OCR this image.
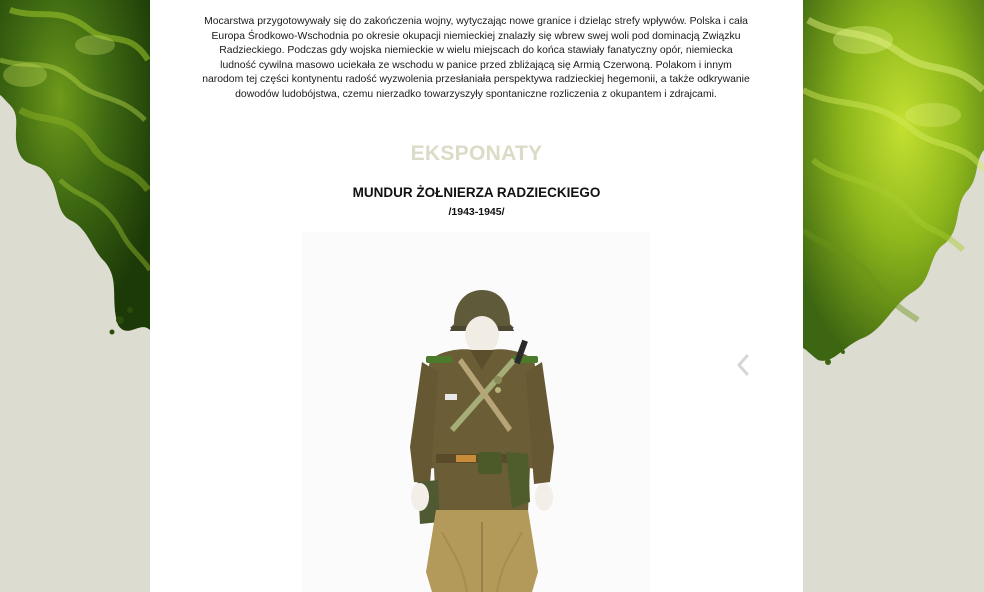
Mocarstwa przygotowywały się do zakończenia wojny, wytyczając nowe granice i dzieląc strefy wpływów. Polska i cała Europa Środkowo-Wschodnia po okresie okupacji niemieckiej znalazły się wbrew swej woli pod dominacją Związku Radzieckiego. Podczas gdy wojska niemieckie w wielu miejscach do końca stawiały fanatyczny opór, niemiecka ludność cywilna masowo uciekała ze wschodu w panice przed zbliżającą się Armią Czerwoną. Polakom i innym narodom tej części kontynentu radość wyzwolenia przesłaniała perspektywa radzieckiej hegemonii, a także odkrywanie dowodów ludobójstwa, czemu nierzadko towarzyszyły spontaniczne rozliczenia z okupantem i zdrajcami.

EKSPONATY
MUNDUR ŻOŁNIERZA RADZIECKIEGO
/1943-1945/
